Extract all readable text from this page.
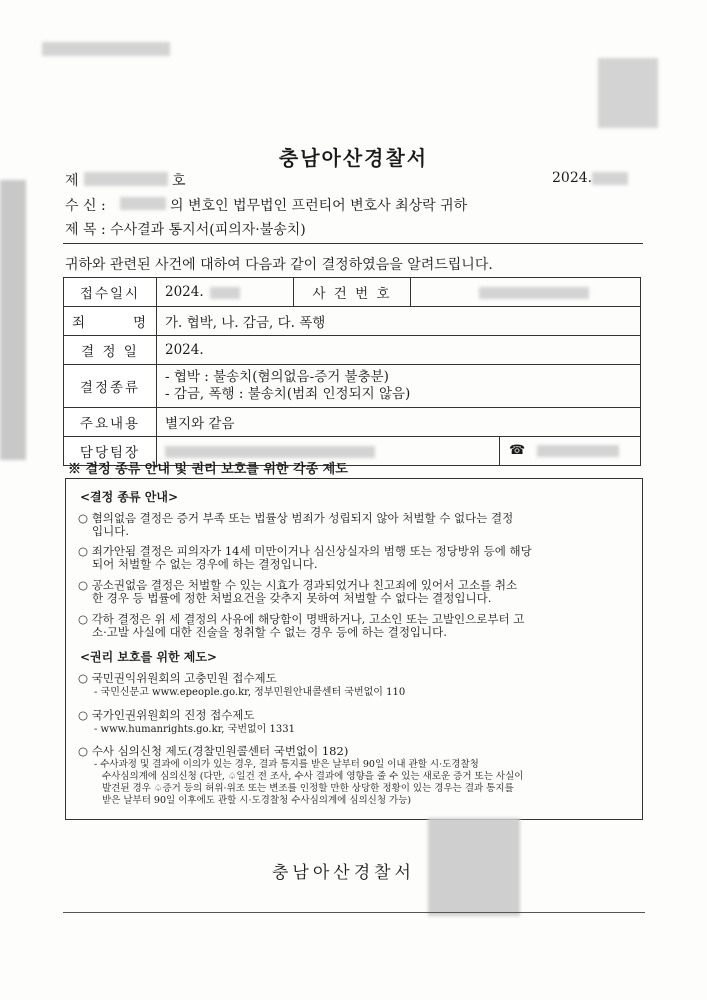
충남아산경찰서
제	호	2024.
수 신 :	의 변호인 법무법인 프런티어 변호사 최상락 귀하
제 목 : 수사결과 통지서(피의자·불송치)
귀하와 관련된 사건에 대하여 다음과 같이 결정하였음을 알려드립니다.
접수일시	2024.	사 건 번 호	
죄 명	가. 협박, 나. 감금, 다. 폭행		
결 정 일	2024.		
결정종류	- 협박 : 불송치(혐의없음-증거 불충분)
- 감금, 폭행 : 불송치(범죄 인정되지 않음)		

주요내용	별지와 같음		
담당팀장	☎		
※ 결정 종류 안내 및 권리 보호를 위한 각종 제도
<결정 종류 안내>
○ 혐의없음 결정은 증거 부족 또는 법률상 범죄가 성립되지 않아 처벌할 수 없다는 결정
입니다.
○ 죄가안됨 결정은 피의자가 14세 미만이거나 심신상실자의 범행 또는 정당방위 등에 해당
되어 처벌할 수 없는 경우에 하는 결정입니다.
○ 공소권없음 결정은 처벌할 수 있는 시효가 경과되었거나 친고죄에 있어서 고소를 취소
한 경우 등 법률에 정한 처벌요건을 갖추지 못하여 처벌할 수 없다는 결정입니다.
○ 각하 결정은 위 세 결정의 사유에 해당함이 명백하거나, 고소인 또는 고발인으로부터 고
소·고발 사실에 대한 진술을 청취할 수 없는 경우 등에 하는 결정입니다.
<권리 보호를 위한 제도>
○ 국민권익위원회의 고충민원 접수제도
- 국민신문고 www.epeople.go.kr, 정부민원안내콜센터 국번없이 110
○ 국가인권위원회의 진정 접수제도
- www.humanrights.go.kr, 국번없이 1331
○ 수사 심의신청 제도(경찰민원콜센터 국번없이 182)
- 수사과정 및 결과에 이의가 있는 경우, 결과 통지를 받은 날부터 90일 이내 관할 시·도경찰청
수사심의계에 심의신청 (다만, ♤일건 전 조사, 수사 결과에 영향을 줄 수 있는 새로운 증거 또는 사실이
발견된 경우 ♤증거 등의 허위·위조 또는 변조를 인정할 만한 상당한 정황이 있는 경우는 결과 통지를
받은 날부터 90일 이후에도 관할 시·도경찰청 수사심의계에 심의신청 가능)
충남아산경찰서
